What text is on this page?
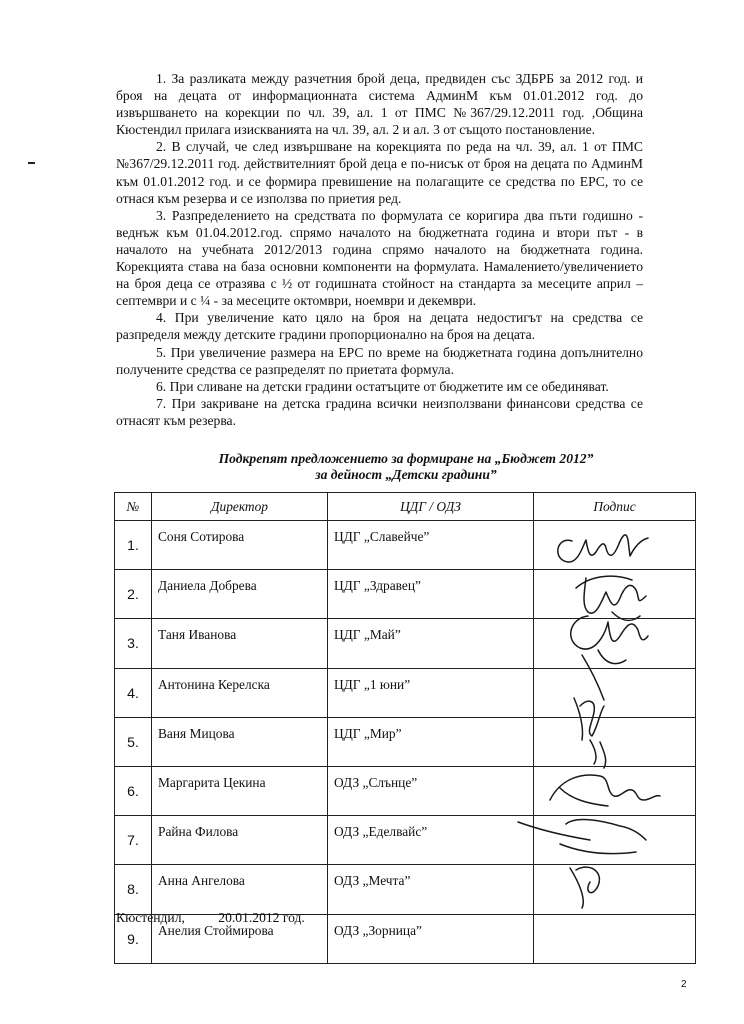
1. За разликата между разчетния брой деца, предвиден със ЗДБРБ за 2012 год. и броя на децата от информационната система АдминМ към 01.01.2012 год. до извършването на корекции по чл. 39, ал. 1 от ПМС №367/29.12.2011 год. ,Община Кюстендил прилага изискванията на чл. 39, ал. 2 и ал. 3 от същото постановление.

2. В случай, че след извършване на корекцията по реда на чл. 39, ал. 1 от ПМС №367/29.12.2011 год. действителният брой деца е по-нисък от броя на децата по АдминМ към 01.01.2012 год. и се формира превишение на полагащите се средства по ЕРС, то се отнася към резерва и се използва по приетия ред.

3. Разпределението на средствата по формулата се коригира два пъти годишно - веднъж към 01.04.2012.год. спрямо началото на бюджетната година и втори път - в началото на учебната 2012/2013 година спрямо началото на бюджетната година. Корекцията става на база основни компоненти на формулата. Намалението/увеличението на броя деца се отразява с ½ от годишната стойност на стандарта за месеците април – септември и с ¼ - за месеците октомври, ноември и декември.

4. При увеличение като цяло на броя на децата недостигът на средства се разпределя между детските градини пропорционално на броя на децата.

5. При увеличение размера на ЕРС по време на бюджетната година допълнително получените средства се разпределят по приетата формула.

6. При сливане на детски градини остатъците от бюджетите им се обединяват.

7. При закриване на детска градина всички неизползвани финансови средства се отнасят към резерва.

Подкрепят предложението за формиране на „Бюджет 2012”
за дейност „Детски градини”
№	Директор	ЦДГ / ОДЗ	Подпис
1.	Соня Сотирова	ЦДГ „Славейче”	
2.	Даниела Добрева	ЦДГ „Здравец”	
3.	Таня Иванова	ЦДГ „Май”	
4.	Антонина Керелска	ЦДГ „1 юни”	
5.	Ваня Мицова	ЦДГ „Мир”	
6.	Маргарита Цекина	ОДЗ „Слънце”	
7.	Райна Филова	ОДЗ „Еделвайс”	
8.	Анна Ангелова	ОДЗ „Мечта”	
9.	Анелия Стоймирова	ОДЗ „Зорница”	
Кюстендил, 20.01.2012 год.
2
